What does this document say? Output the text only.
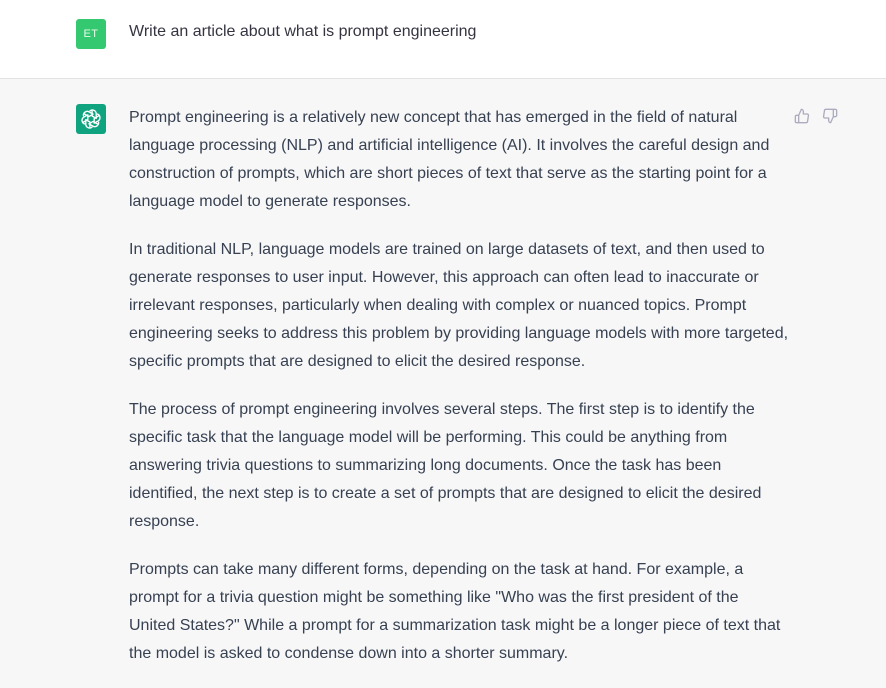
ET Write an article about what is prompt engineering

Prompt engineering is a relatively new concept that has emerged in the field of natural language processing (NLP) and artificial intelligence (AI). It involves the careful design and construction of prompts, which are short pieces of text that serve as the starting point for a language model to generate responses.

In traditional NLP, language models are trained on large datasets of text, and then used to generate responses to user input. However, this approach can often lead to inaccurate or irrelevant responses, particularly when dealing with complex or nuanced topics. Prompt engineering seeks to address this problem by providing language models with more targeted, specific prompts that are designed to elicit the desired response.

The process of prompt engineering involves several steps. The first step is to identify the specific task that the language model will be performing. This could be anything from answering trivia questions to summarizing long documents. Once the task has been identified, the next step is to create a set of prompts that are designed to elicit the desired response.

Prompts can take many different forms, depending on the task at hand. For example, a prompt for a trivia question might be something like "Who was the first president of the United States?" While a prompt for a summarization task might be a longer piece of text that the model is asked to condense down into a shorter summary.
